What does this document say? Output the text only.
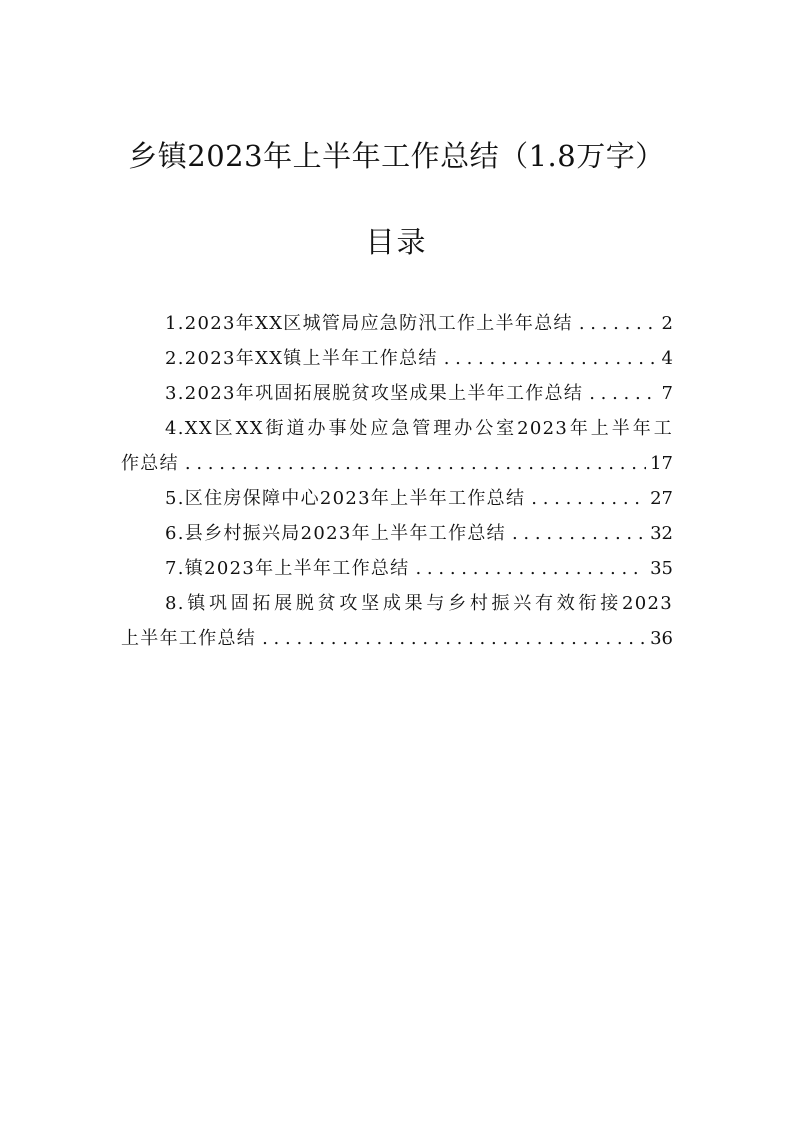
乡镇2023年上半年工作总结（1.8万字）
目录
1.2023年XX区城管局应急防汛工作上半年总结 . . .	2
2.2023年XX镇上半年工作总结 . . .	4
3.2023年巩固拓展脱贫攻坚成果上半年工作总结 . . .	7
4.XX区XX街道办事处应急管理办公室2023年上半年工
作总结 . . .	17
5.区住房保障中心2023年上半年工作总结 . . .	27
6.县乡村振兴局2023年上半年工作总结 . . .	32
7.镇2023年上半年工作总结 . . .	35
8.镇巩固拓展脱贫攻坚成果与乡村振兴有效衔接2023
上半年工作总结 . . .	36
